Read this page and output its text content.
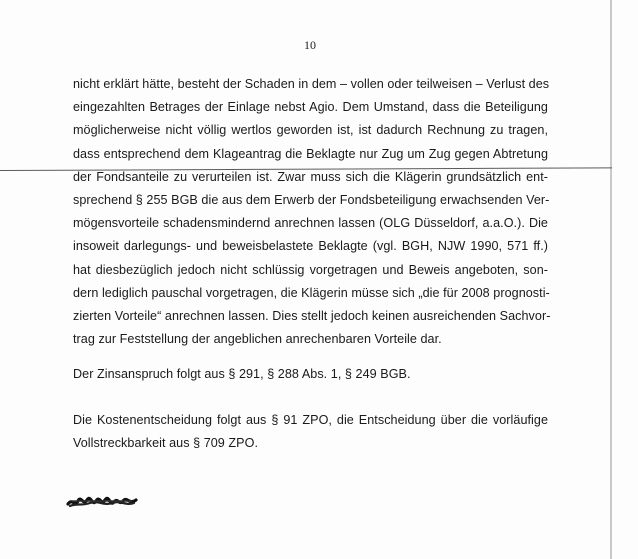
10
nicht erklärt hätte, besteht der Schaden in dem – vollen oder teilweisen – Verlust des
eingezahlten Betrages der Einlage nebst Agio. Dem Umstand, dass die Beteiligung
möglicherweise nicht völlig wertlos geworden ist, ist dadurch Rechnung zu tragen,
dass entsprechend dem Klageantrag die Beklagte nur Zug um Zug gegen Abtretung
der Fondsanteile zu verurteilen ist. Zwar muss sich die Klägerin grundsätzlich ent-
sprechend § 255 BGB die aus dem Erwerb der Fondsbeteiligung erwachsenden Ver-
mögensvorteile schadensmindernd anrechnen lassen (OLG Düsseldorf, a.a.O.). Die
insoweit darlegungs- und beweisbelastete Beklagte (vgl. BGH, NJW 1990, 571 ff.)
hat diesbezüglich jedoch nicht schlüssig vorgetragen und Beweis angeboten, son-
dern lediglich pauschal vorgetragen, die Klägerin müsse sich „die für 2008 prognosti-
zierten Vorteile“ anrechnen lassen. Dies stellt jedoch keinen ausreichenden Sachvor-
trag zur Feststellung der angeblichen anrechenbaren Vorteile dar.
Der Zinsanspruch folgt aus § 291, § 288 Abs. 1, § 249 BGB.
Die Kostenentscheidung folgt aus § 91 ZPO, die Entscheidung über die vorläufige
Vollstreckbarkeit aus § 709 ZPO.
